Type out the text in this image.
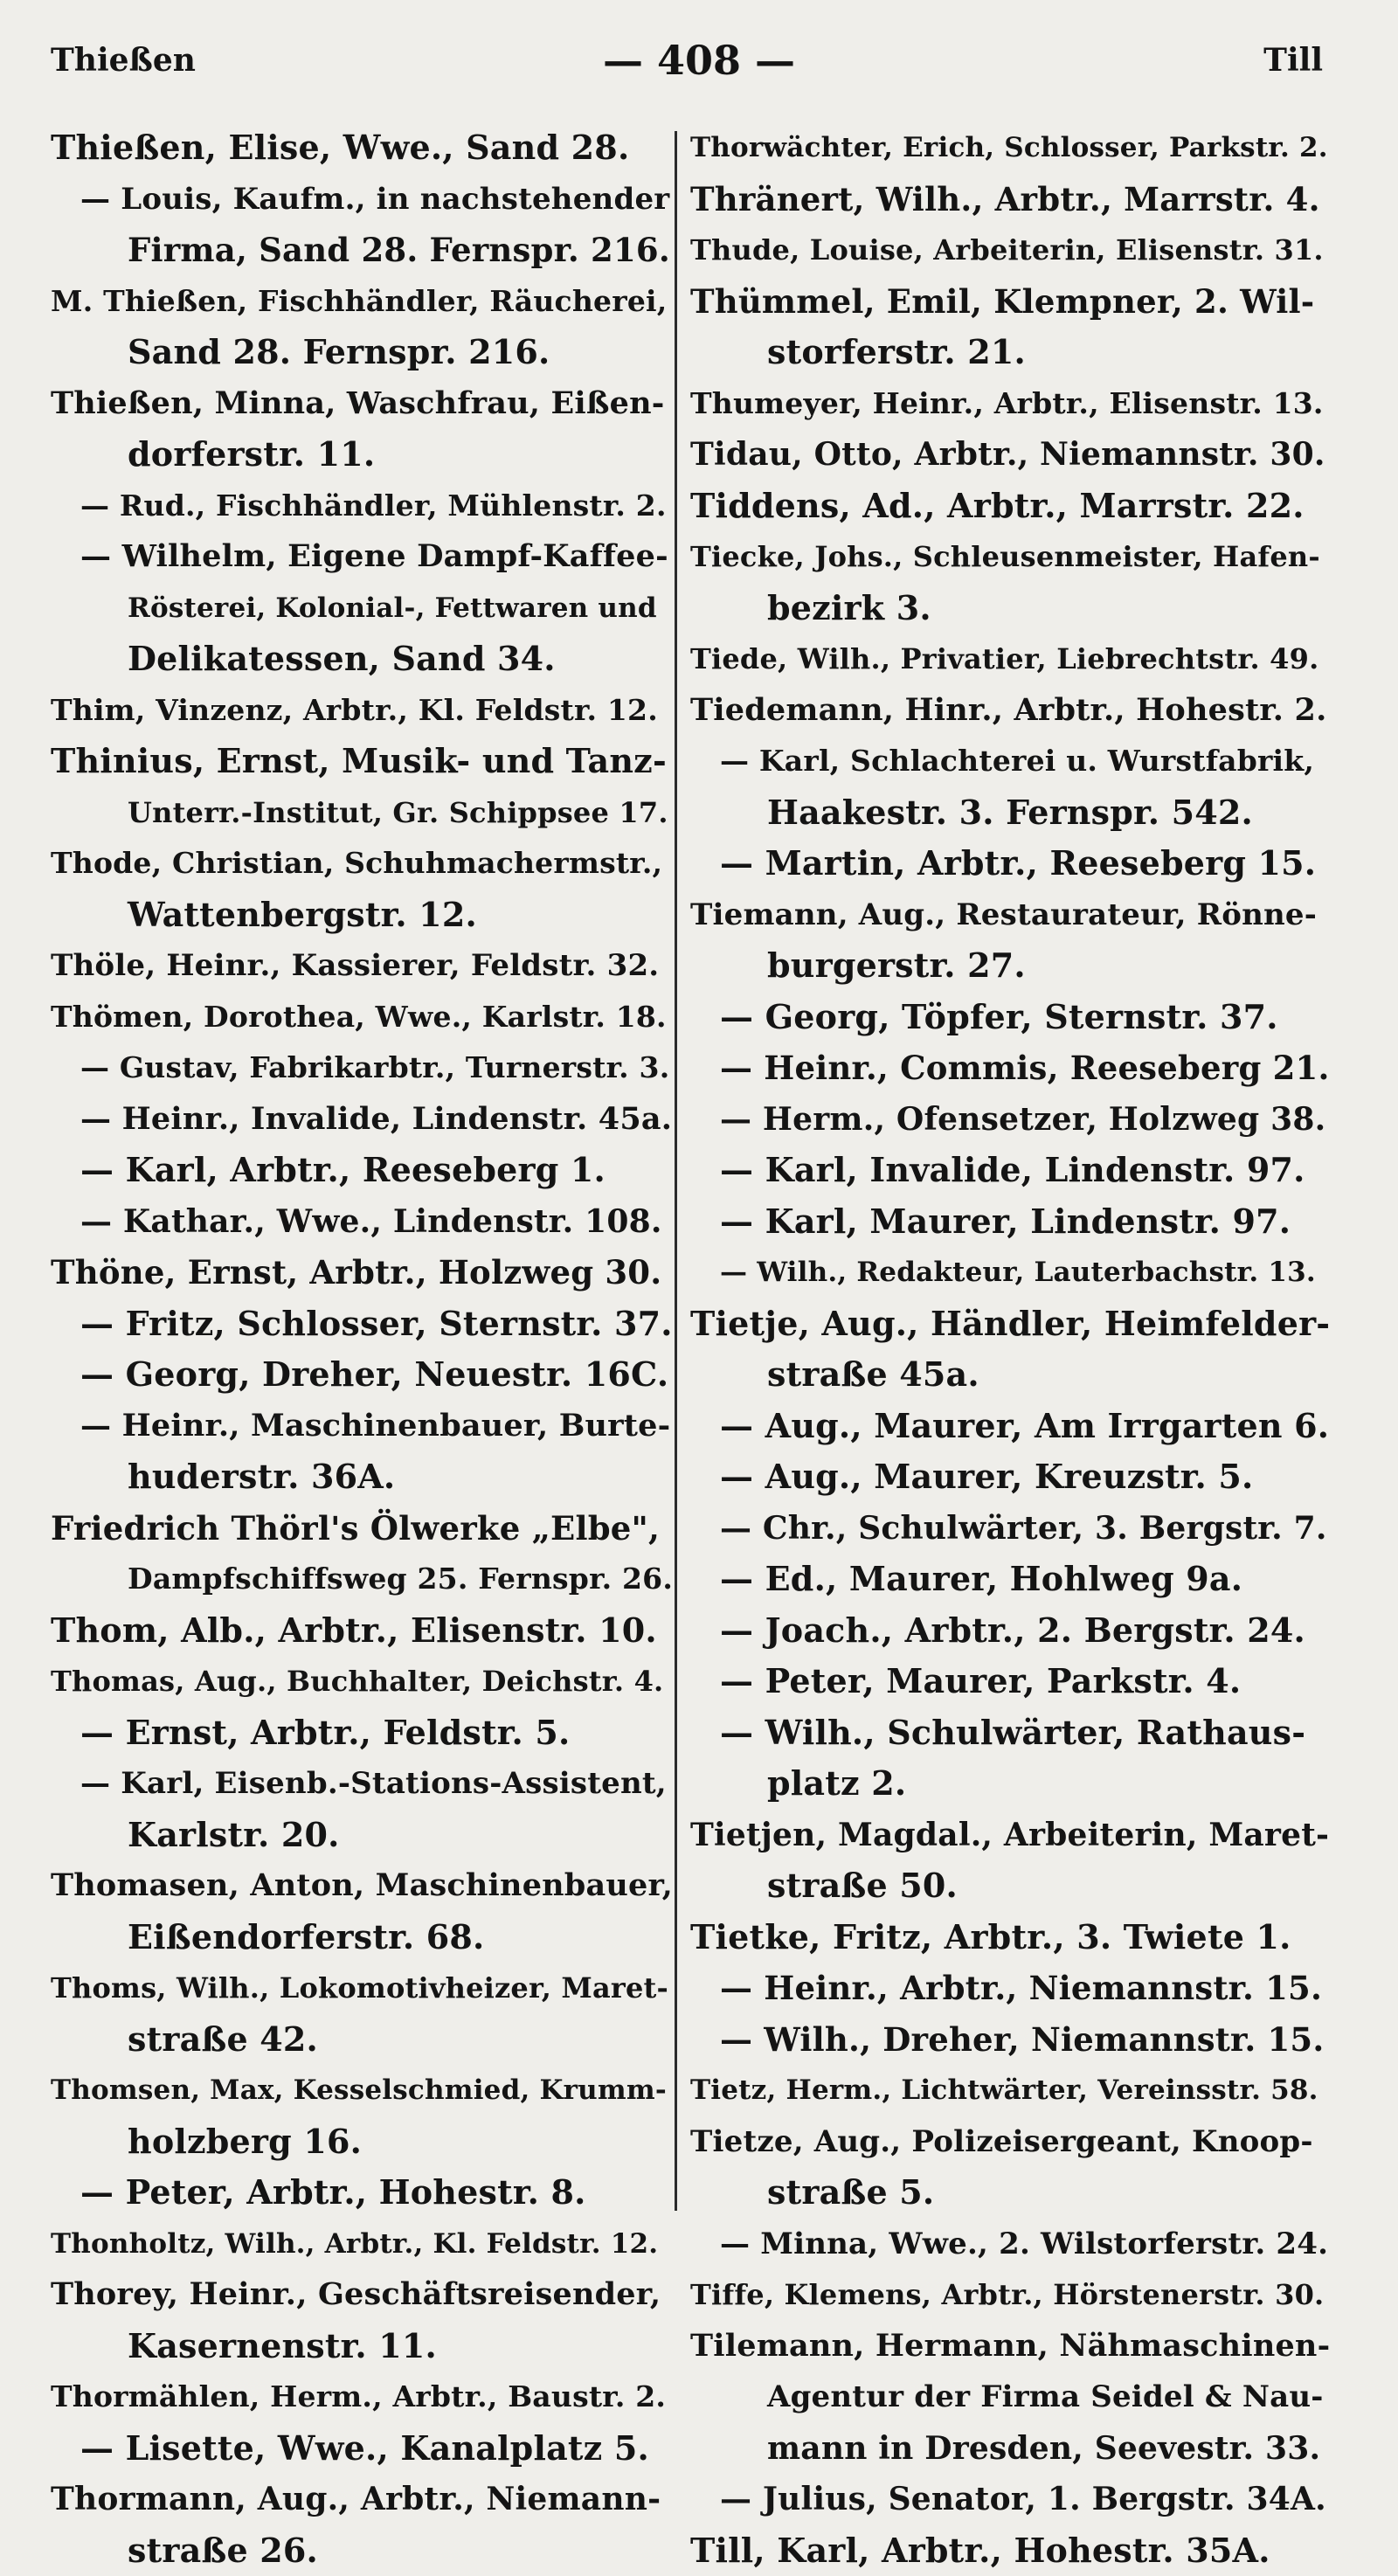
Thießen	— 408 —	Till
Thießen, Elise, Wwe., Sand 28.
— Louis, Kaufm., in nachstehender
Firma, Sand 28. Fernspr. 216.
M. Thießen, Fischhändler, Räucherei,
Sand 28. Fernspr. 216.
Thießen, Minna, Waschfrau, Eißen-
dorferstr. 11.
— Rud., Fischhändler, Mühlenstr. 2.
— Wilhelm, Eigene Dampf-Kaffee-
Rösterei, Kolonial-, Fettwaren und
Delikatessen, Sand 34.
Thim, Vinzenz, Arbtr., Kl. Feldstr. 12.
Thinius, Ernst, Musik- und Tanz-
Unterr.-Institut, Gr. Schippsee 17.
Thode, Christian, Schuhmachermstr.,
Wattenbergstr. 12.
Thöle, Heinr., Kassierer, Feldstr. 32.
Thömen, Dorothea, Wwe., Karlstr. 18.
— Gustav, Fabrikarbtr., Turnerstr. 3.
— Heinr., Invalide, Lindenstr. 45a.
— Karl, Arbtr., Reeseberg 1.
— Kathar., Wwe., Lindenstr. 108.
Thöne, Ernst, Arbtr., Holzweg 30.
— Fritz, Schlosser, Sternstr. 37.
— Georg, Dreher, Neuestr. 16C.
— Heinr., Maschinenbauer, Burte-
huderstr. 36A.
Friedrich Thörl's Ölwerke „Elbe",
Dampfschiffsweg 25. Fernspr. 26.
Thom, Alb., Arbtr., Elisenstr. 10.
Thomas, Aug., Buchhalter, Deichstr. 4.
— Ernst, Arbtr., Feldstr. 5.
— Karl, Eisenb.-Stations-Assistent,
Karlstr. 20.
Thomasen, Anton, Maschinenbauer,
Eißendorferstr. 68.
Thoms, Wilh., Lokomotivheizer, Maret-
straße 42.
Thomsen, Max, Kesselschmied, Krumm-
holzberg 16.
— Peter, Arbtr., Hohestr. 8.
Thonholtz, Wilh., Arbtr., Kl. Feldstr. 12.
Thorey, Heinr., Geschäftsreisender,
Kasernenstr. 11.
Thormählen, Herm., Arbtr., Baustr. 2.
— Lisette, Wwe., Kanalplatz 5.
Thormann, Aug., Arbtr., Niemann-
straße 26.
Thorwächter, Erich, Schlosser, Parkstr. 2.
Thränert, Wilh., Arbtr., Marrstr. 4.
Thude, Louise, Arbeiterin, Elisenstr. 31.
Thümmel, Emil, Klempner, 2. Wil-
storferstr. 21.
Thumeyer, Heinr., Arbtr., Elisenstr. 13.
Tidau, Otto, Arbtr., Niemannstr. 30.
Tiddens, Ad., Arbtr., Marrstr. 22.
Tiecke, Johs., Schleusenmeister, Hafen-
bezirk 3.
Tiede, Wilh., Privatier, Liebrechtstr. 49.
Tiedemann, Hinr., Arbtr., Hohestr. 2.
— Karl, Schlachterei u. Wurstfabrik,
Haakestr. 3. Fernspr. 542.
— Martin, Arbtr., Reeseberg 15.
Tiemann, Aug., Restaurateur, Rönne-
burgerstr. 27.
— Georg, Töpfer, Sternstr. 37.
— Heinr., Commis, Reeseberg 21.
— Herm., Ofensetzer, Holzweg 38.
— Karl, Invalide, Lindenstr. 97.
— Karl, Maurer, Lindenstr. 97.
— Wilh., Redakteur, Lauterbachstr. 13.
Tietje, Aug., Händler, Heimfelder-
straße 45a.
— Aug., Maurer, Am Irrgarten 6.
— Aug., Maurer, Kreuzstr. 5.
— Chr., Schulwärter, 3. Bergstr. 7.
— Ed., Maurer, Hohlweg 9a.
— Joach., Arbtr., 2. Bergstr. 24.
— Peter, Maurer, Parkstr. 4.
— Wilh., Schulwärter, Rathaus-
platz 2.
Tietjen, Magdal., Arbeiterin, Maret-
straße 50.
Tietke, Fritz, Arbtr., 3. Twiete 1.
— Heinr., Arbtr., Niemannstr. 15.
— Wilh., Dreher, Niemannstr. 15.
Tietz, Herm., Lichtwärter, Vereinsstr. 58.
Tietze, Aug., Polizeisergeant, Knoop-
straße 5.
— Minna, Wwe., 2. Wilstorferstr. 24.
Tiffe, Klemens, Arbtr., Hörstenerstr. 30.
Tilemann, Hermann, Nähmaschinen-
Agentur der Firma Seidel & Nau-
mann in Dresden, Seevestr. 33.
— Julius, Senator, 1. Bergstr. 34A.
Till, Karl, Arbtr., Hohestr. 35A.
